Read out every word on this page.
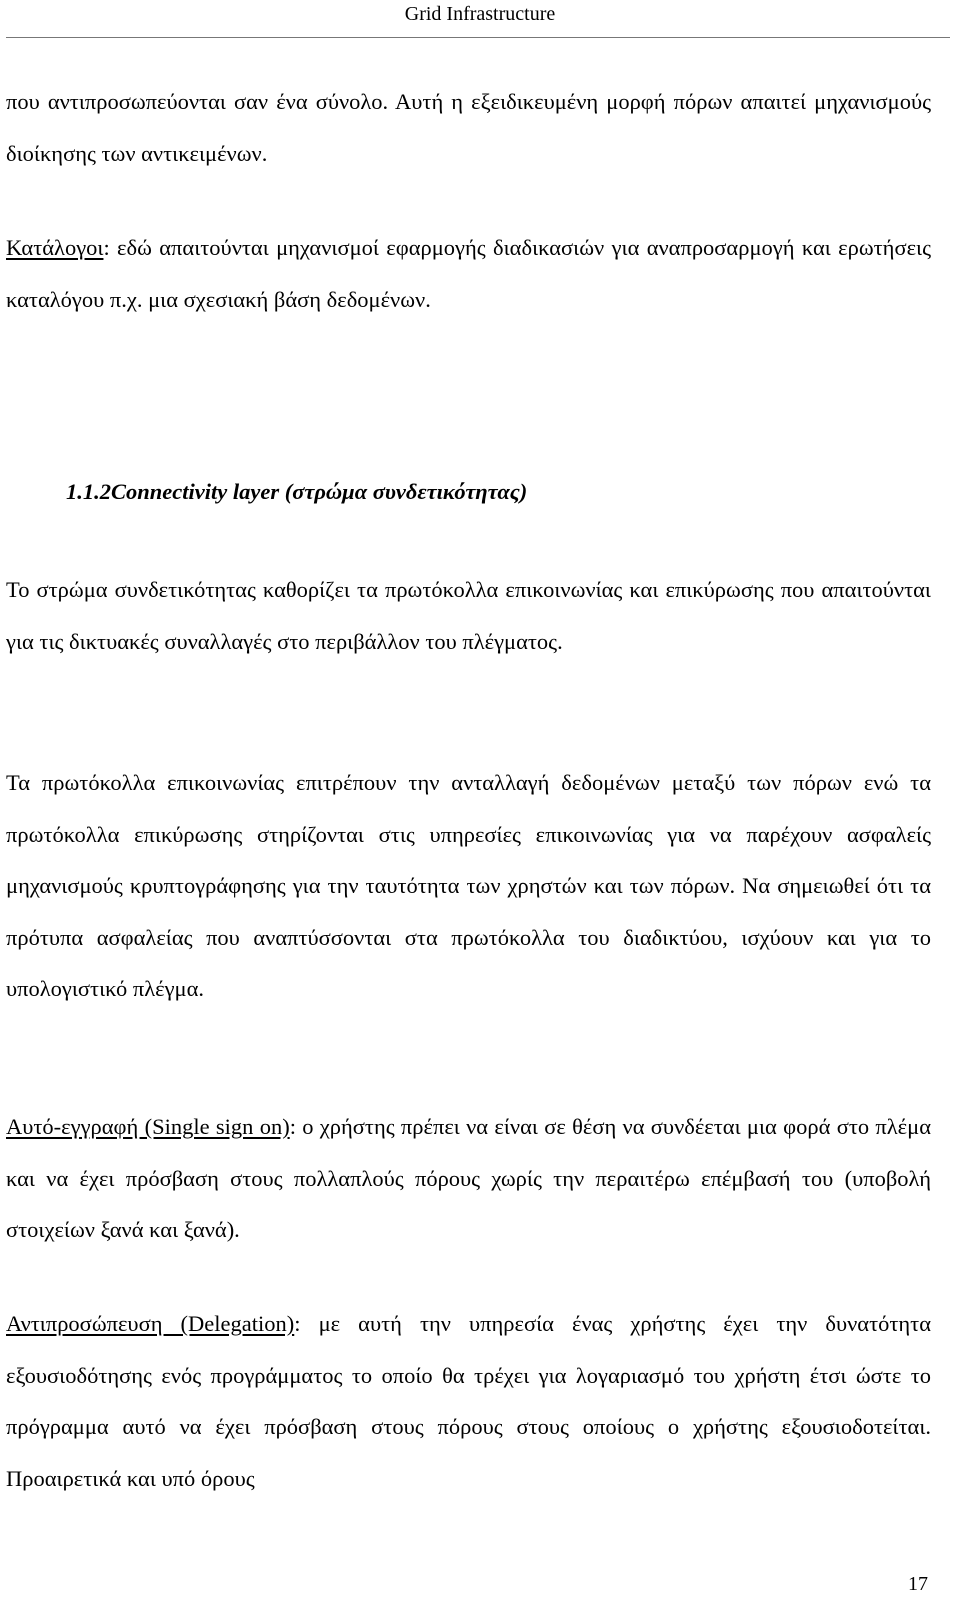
Grid Infrastructure

που αντιπροσωπεύονται σαν ένα σύνολο. Αυτή η εξειδικευμένη μορφή πόρων απαιτεί μηχανισμούς διοίκησης των αντικειμένων.

Κατάλογοι: εδώ απαιτούνται μηχανισμοί εφαρμογής διαδικασιών για αναπροσαρμογή και ερωτήσεις καταλόγου π.χ. μια σχεσιακή βάση δεδομένων.

1.1.2Connectivity layer (στρώμα συνδετικότητας)

Το στρώμα συνδετικότητας καθορίζει τα πρωτόκολλα επικοινωνίας και επικύρωσης που απαιτούνται για τις δικτυακές συναλλαγές στο περιβάλλον του πλέγματος.

Τα πρωτόκολλα επικοινωνίας επιτρέπουν την ανταλλαγή δεδομένων μεταξύ των πόρων ενώ τα πρωτόκολλα επικύρωσης στηρίζονται στις υπηρεσίες επικοινωνίας για να παρέχουν ασφαλείς μηχανισμούς κρυπτογράφησης για την ταυτότητα των χρηστών και των πόρων. Να σημειωθεί ότι τα πρότυπα ασφαλείας που αναπτύσσονται στα πρωτόκολλα του διαδικτύου, ισχύουν και για το υπολογιστικό πλέγμα.

Αυτό-εγγραφή (Single sign on): ο χρήστης πρέπει να είναι σε θέση να συνδέεται μια φορά στο πλέμα και να έχει πρόσβαση στους πολλαπλούς πόρους χωρίς την περαιτέρω επέμβασή του (υποβολή στοιχείων ξανά και ξανά).

Αντιπροσώπευση (Delegation): με αυτή την υπηρεσία ένας χρήστης έχει την δυνατότητα εξουσιοδότησης ενός προγράμματος το οποίο θα τρέχει για λογαριασμό του χρήστη έτσι ώστε το πρόγραμμα αυτό να έχει πρόσβαση στους πόρους στους οποίους ο χρήστης εξουσιοδοτείται. Προαιρετικά και υπό όρους

17
